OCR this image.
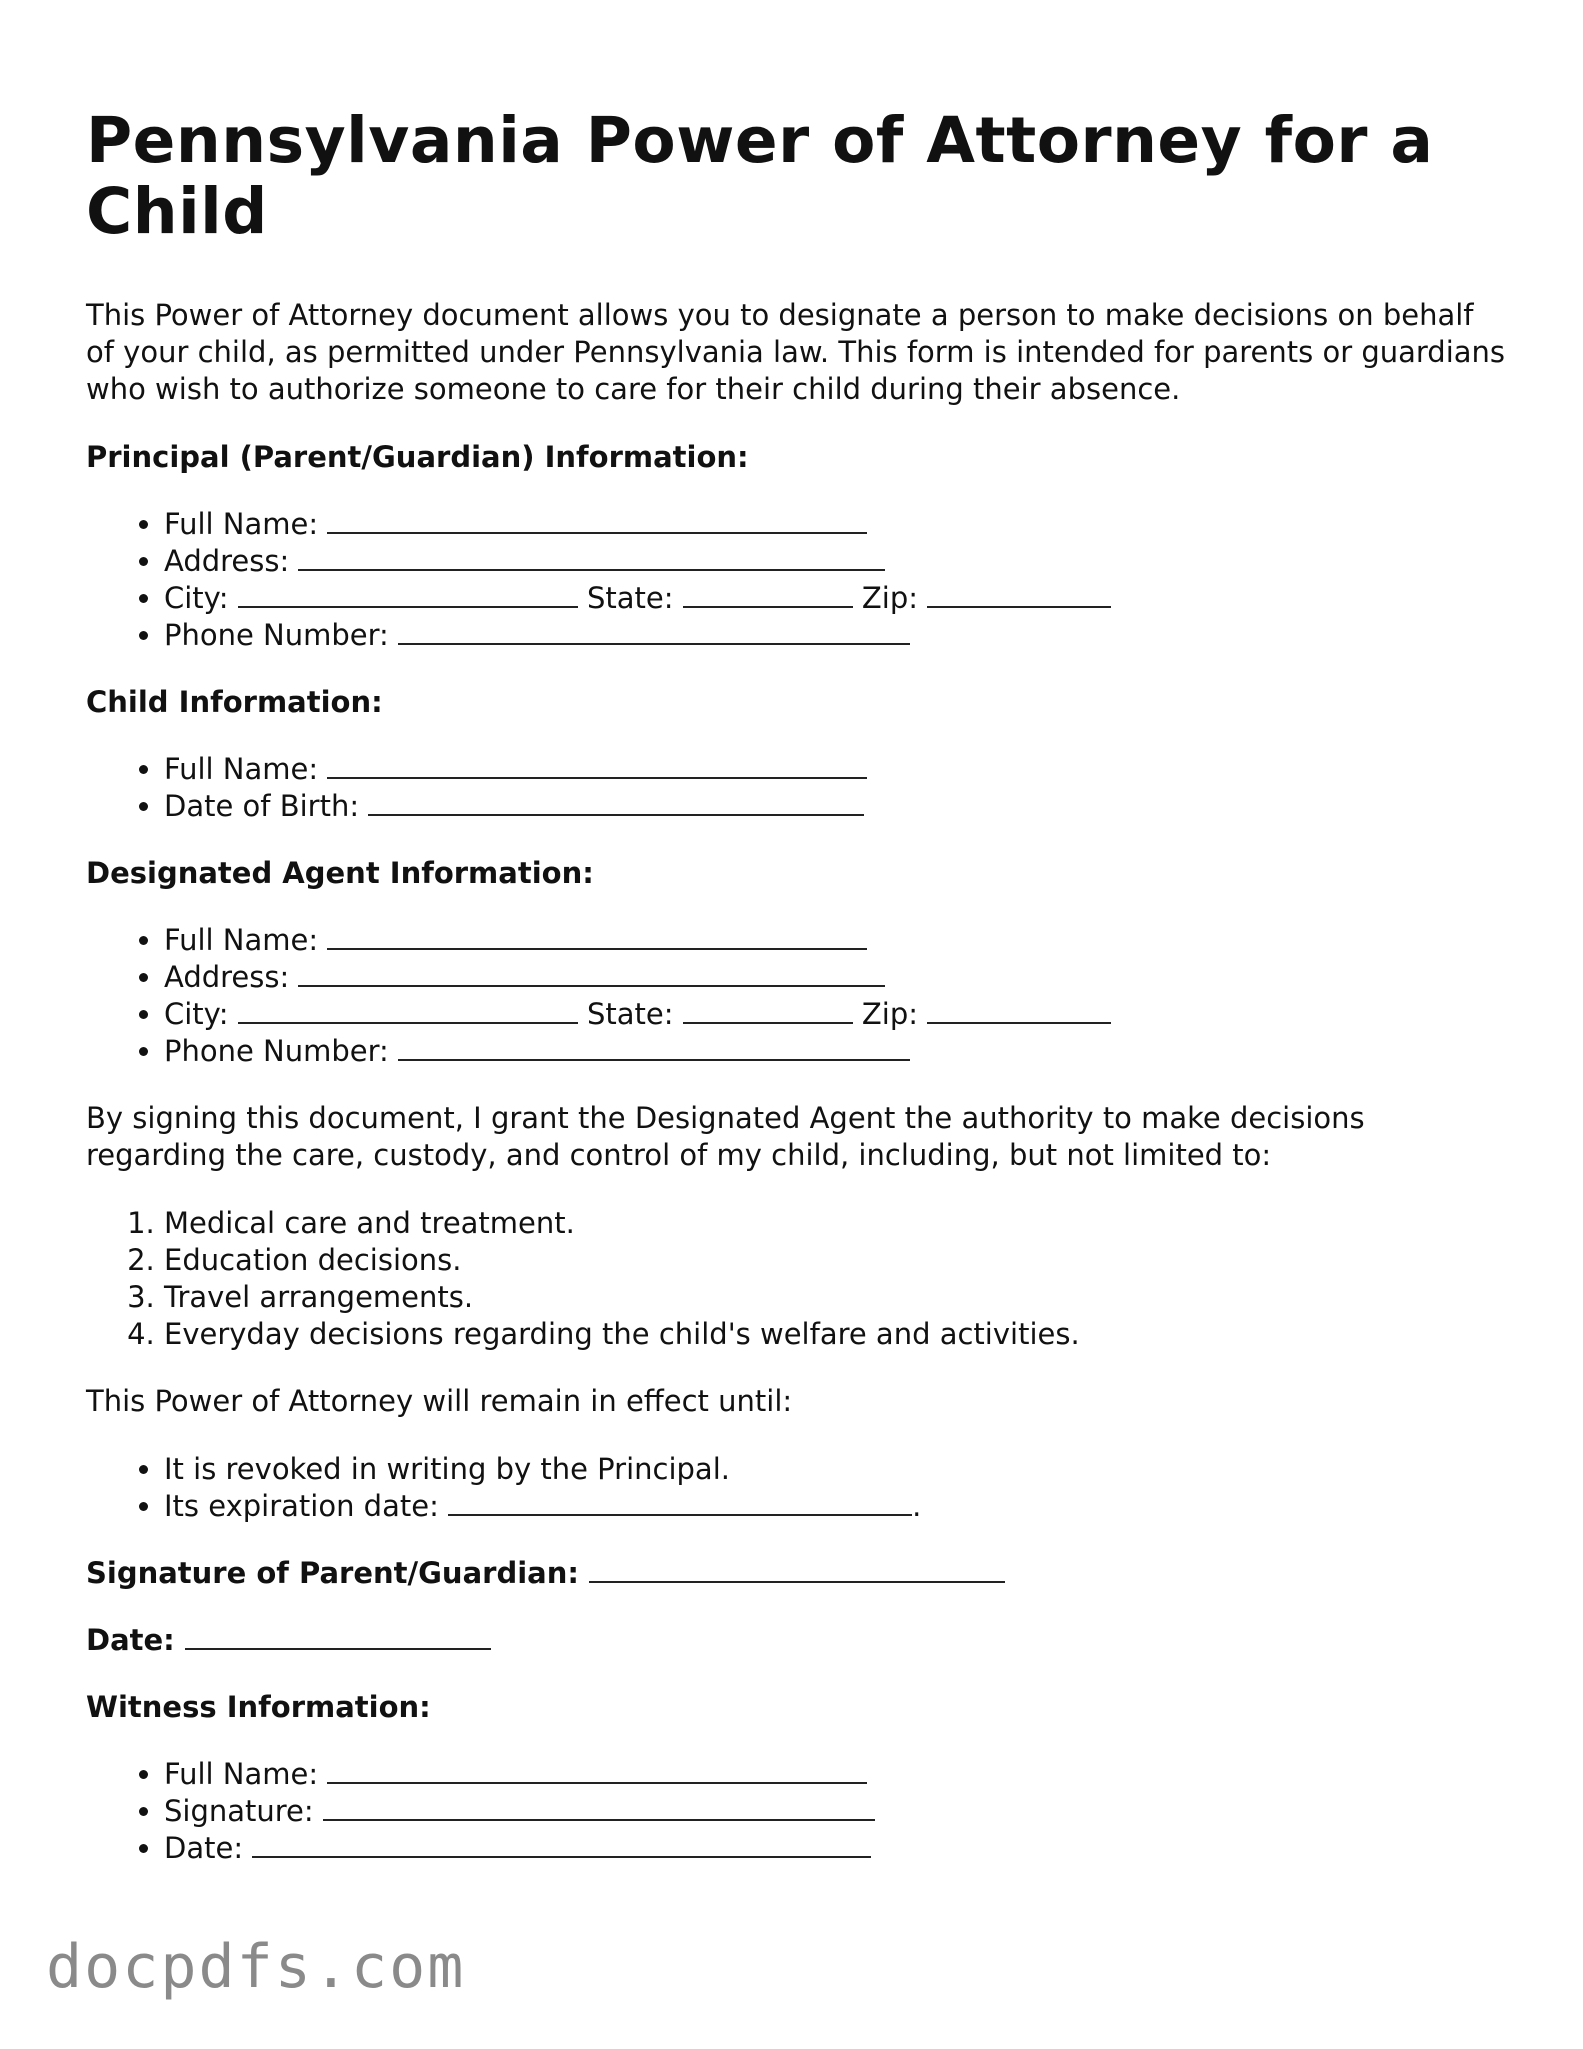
Pennsylvania Power of Attorney for a Child

This Power of Attorney document allows you to designate a person to make decisions on behalf of your child, as permitted under Pennsylvania law. This form is intended for parents or guardians who wish to authorize someone to care for their child during their absence.

Principal (Parent/Guardian) Information:
• Full Name:
• Address:
• City:	State:	Zip:
• Phone Number:
Child Information:
• Full Name:
• Date of Birth:
Designated Agent Information:
• Full Name:
• Address:
• City:	State:	Zip:
• Phone Number:

By signing this document, I grant the Designated Agent the authority to make decisions regarding the care, custody, and control of my child, including, but not limited to:

1. Medical care and treatment.
2. Education decisions.
3. Travel arrangements.
4. Everyday decisions regarding the child's welfare and activities.

This Power of Attorney will remain in effect until:

• It is revoked in writing by the Principal.
• Its expiration date:	.
Signature of Parent/Guardian:
Date:
Witness Information:
• Full Name:
• Signature:
• Date:
docpdfs.com
